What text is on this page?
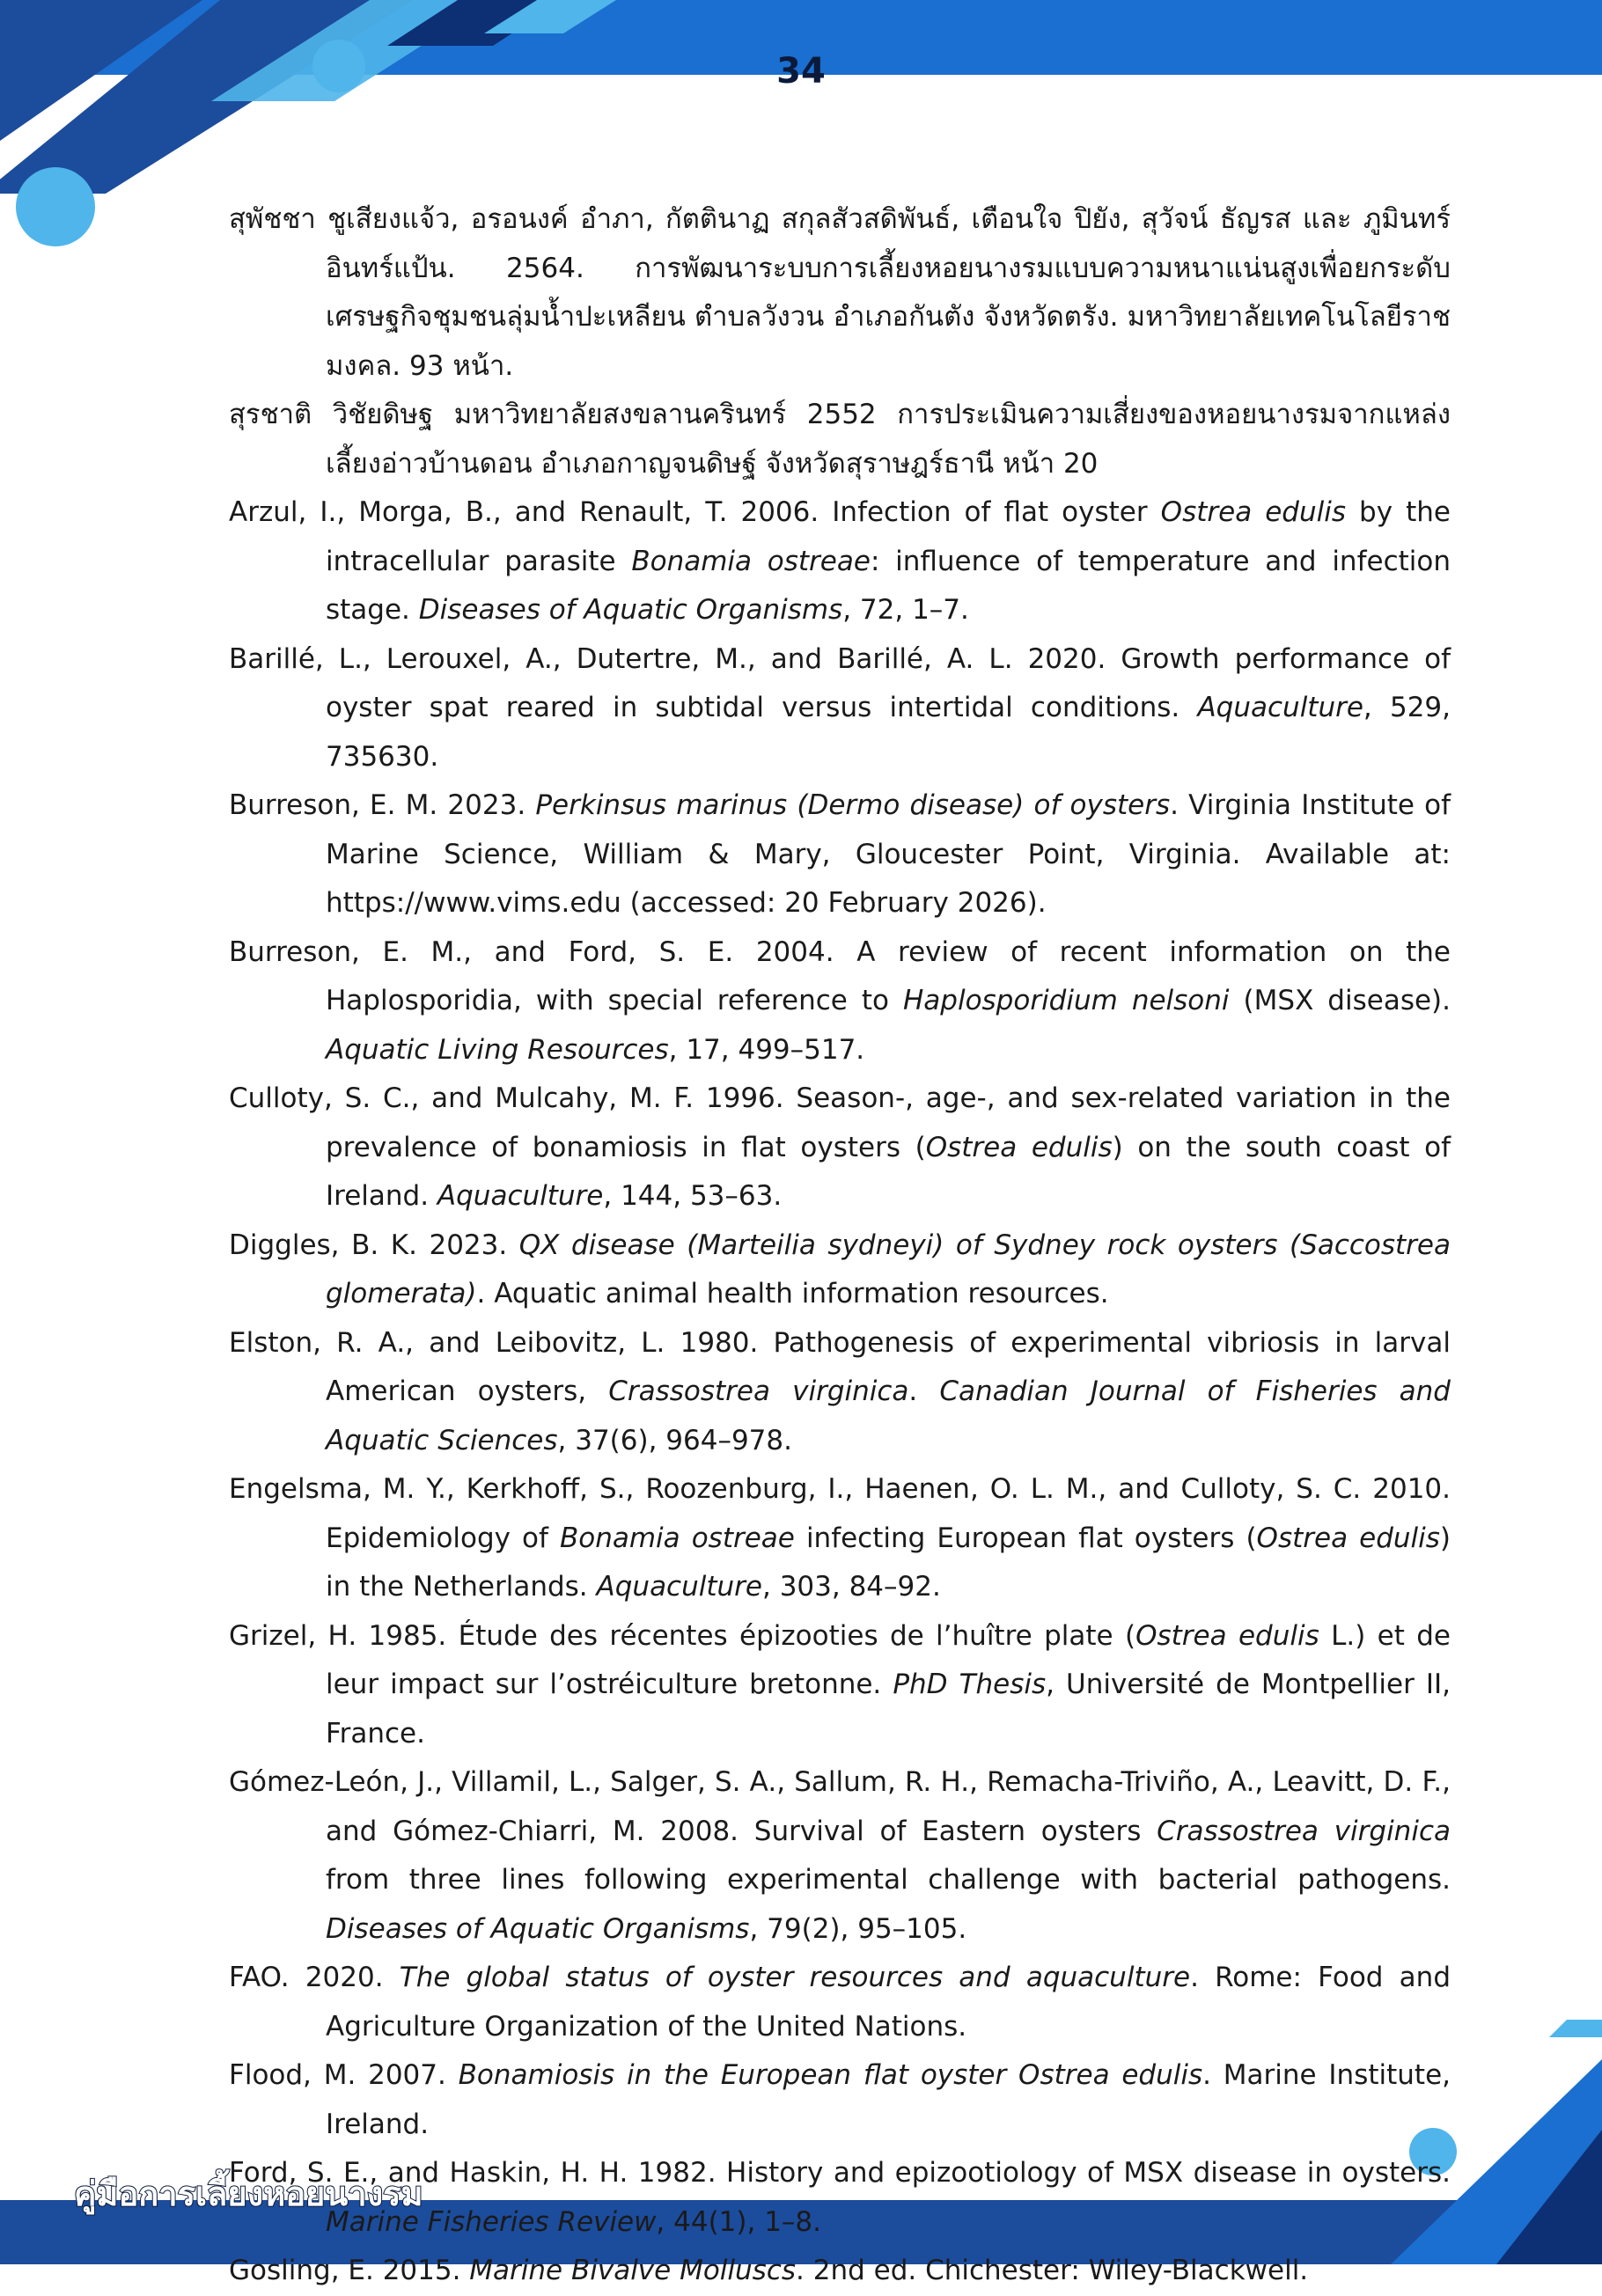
34

สุพัชชา ชูเสียงแจ้ว, อรอนงค์ อำภา, กัตตินาฏ สกุลสัวสดิพันธ์, เตือนใจ ปิยัง, สุวัจน์ ธัญรส และ ภูมินทร์ อินทร์แป้น. 2564. การพัฒนาระบบการเลี้ยงหอยนางรมแบบความหนาแน่นสูงเพื่อยกระดับเศรษฐกิจชุมชนลุ่มน้ำปะเหลียน ตำบลวังวน อำเภอกันตัง จังหวัดตรัง. มหาวิทยาลัยเทคโนโลยีราชมงคล. 93 หน้า.

สุรชาติ วิชัยดิษฐ มหาวิทยาลัยสงขลานครินทร์ 2552 การประเมินความเสี่ยงของหอยนางรมจากแหล่งเลี้ยงอ่าวบ้านดอน อำเภอกาญจนดิษฐ์ จังหวัดสุราษฎร์ธานี หน้า 20

Arzul, I., Morga, B., and Renault, T. 2006. Infection of flat oyster Ostrea edulis by the intracellular parasite Bonamia ostreae: influence of temperature and infection stage. Diseases of Aquatic Organisms, 72, 1–7.

Barillé, L., Lerouxel, A., Dutertre, M., and Barillé, A. L. 2020. Growth performance of oyster spat reared in subtidal versus intertidal conditions. Aquaculture, 529, 735630.

Burreson, E. M. 2023. Perkinsus marinus (Dermo disease) of oysters. Virginia Institute of Marine Science, William & Mary, Gloucester Point, Virginia. Available at: https://www.vims.edu (accessed: 20 February 2026).

Burreson, E. M., and Ford, S. E. 2004. A review of recent information on the Haplosporidia, with special reference to Haplosporidium nelsoni (MSX disease). Aquatic Living Resources, 17, 499–517.

Culloty, S. C., and Mulcahy, M. F. 1996. Season-, age-, and sex-related variation in the prevalence of bonamiosis in flat oysters (Ostrea edulis) on the south coast of Ireland. Aquaculture, 144, 53–63.

Diggles, B. K. 2023. QX disease (Marteilia sydneyi) of Sydney rock oysters (Saccostrea glomerata). Aquatic animal health information resources.

Elston, R. A., and Leibovitz, L. 1980. Pathogenesis of experimental vibriosis in larval American oysters, Crassostrea virginica. Canadian Journal of Fisheries and Aquatic Sciences, 37(6), 964–978.

Engelsma, M. Y., Kerkhoff, S., Roozenburg, I., Haenen, O. L. M., and Culloty, S. C. 2010. Epidemiology of Bonamia ostreae infecting European flat oysters (Ostrea edulis) in the Netherlands. Aquaculture, 303, 84–92.

Grizel, H. 1985. Étude des récentes épizooties de l’huître plate (Ostrea edulis L.) et de leur impact sur l’ostréiculture bretonne. PhD Thesis, Université de Montpellier II, France.

Gómez-León, J., Villamil, L., Salger, S. A., Sallum, R. H., Remacha-Triviño, A., Leavitt, D. F., and Gómez-Chiarri, M. 2008. Survival of Eastern oysters Crassostrea virginica from three lines following experimental challenge with bacterial pathogens. Diseases of Aquatic Organisms, 79(2), 95–105.

FAO. 2020. The global status of oyster resources and aquaculture. Rome: Food and Agriculture Organization of the United Nations.

Flood, M. 2007. Bonamiosis in the European flat oyster Ostrea edulis. Marine Institute, Ireland.

Ford, S. E., and Haskin, H. H. 1982. History and epizootiology of MSX disease in oysters. Marine Fisheries Review, 44(1), 1–8.

Gosling, E. 2015. Marine Bivalve Molluscs. 2nd ed. Chichester: Wiley-Blackwell.

คู่มือการเลี้ยงหอยนางรม
